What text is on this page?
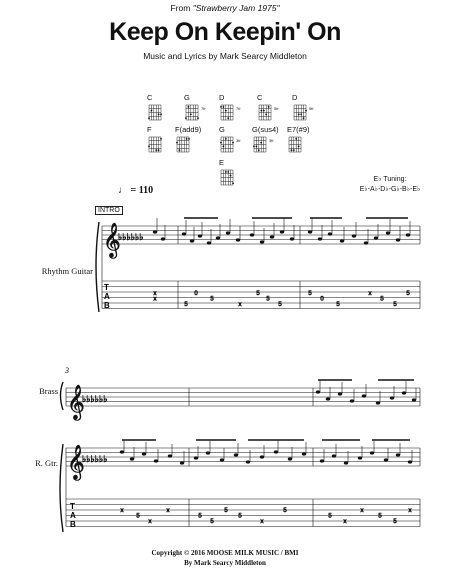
From "Strawberry Jam 1975"
Keep On Keepin' On
Music and Lyrics by Mark Searcy Middleton
C	G
7fr
D
7fr
C
5fr
D
5fr
F	F(add9) G
3fr
G(sus4)
3fr
E7(#9)
E
♩ = 110
E♭ Tuning:
E♭-A♭-D♭-G♭-B♭-E♭
INTRO
Rhythm Guitar
3
Brass
R. Gtr.
𝄞
♭♭♭♭♭♭
x
x
5
0
5
x
5
5
5
5
0
5
x
5
5
5
𝄞
♭♭♭♭♭♭
𝄞
♭♭♭♭♭♭
x
5
x
x
5
5
5
5
x
5
5
x
x
5
5
x
T
A
B
T
A
B
Copyright © 2016 MOOSE MILK MUSIC / BMI
By Mark Searcy Middleton
